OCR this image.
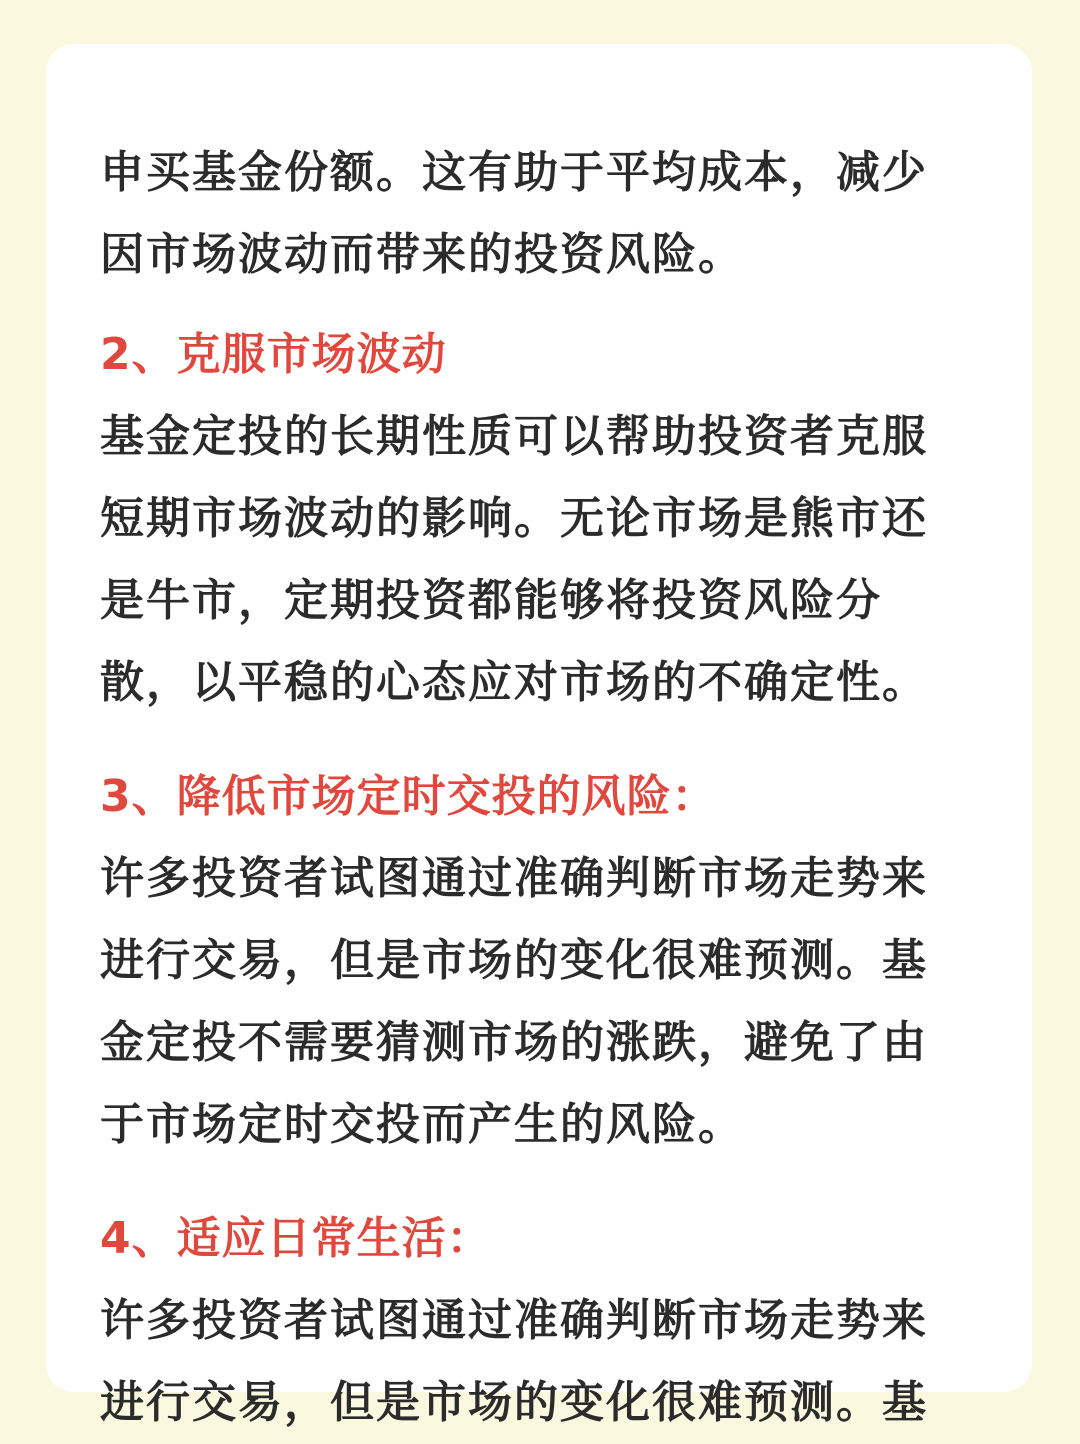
申买基金份额。这有助于平均成本，减少

因市场波动而带来的投资风险。

2、克服市场波动

基金定投的长期性质可以帮助投资者克服

短期市场波动的影响。无论市场是熊市还

是牛市，定期投资都能够将投资风险分

散，以平稳的心态应对市场的不确定性。

3、降低市场定时交投的风险：

许多投资者试图通过准确判断市场走势来

进行交易，但是市场的变化很难预测。基

金定投不需要猜测市场的涨跌，避免了由

于市场定时交投而产生的风险。

4、适应日常生活：

许多投资者试图通过准确判断市场走势来

进行交易，但是市场的变化很难预测。基
